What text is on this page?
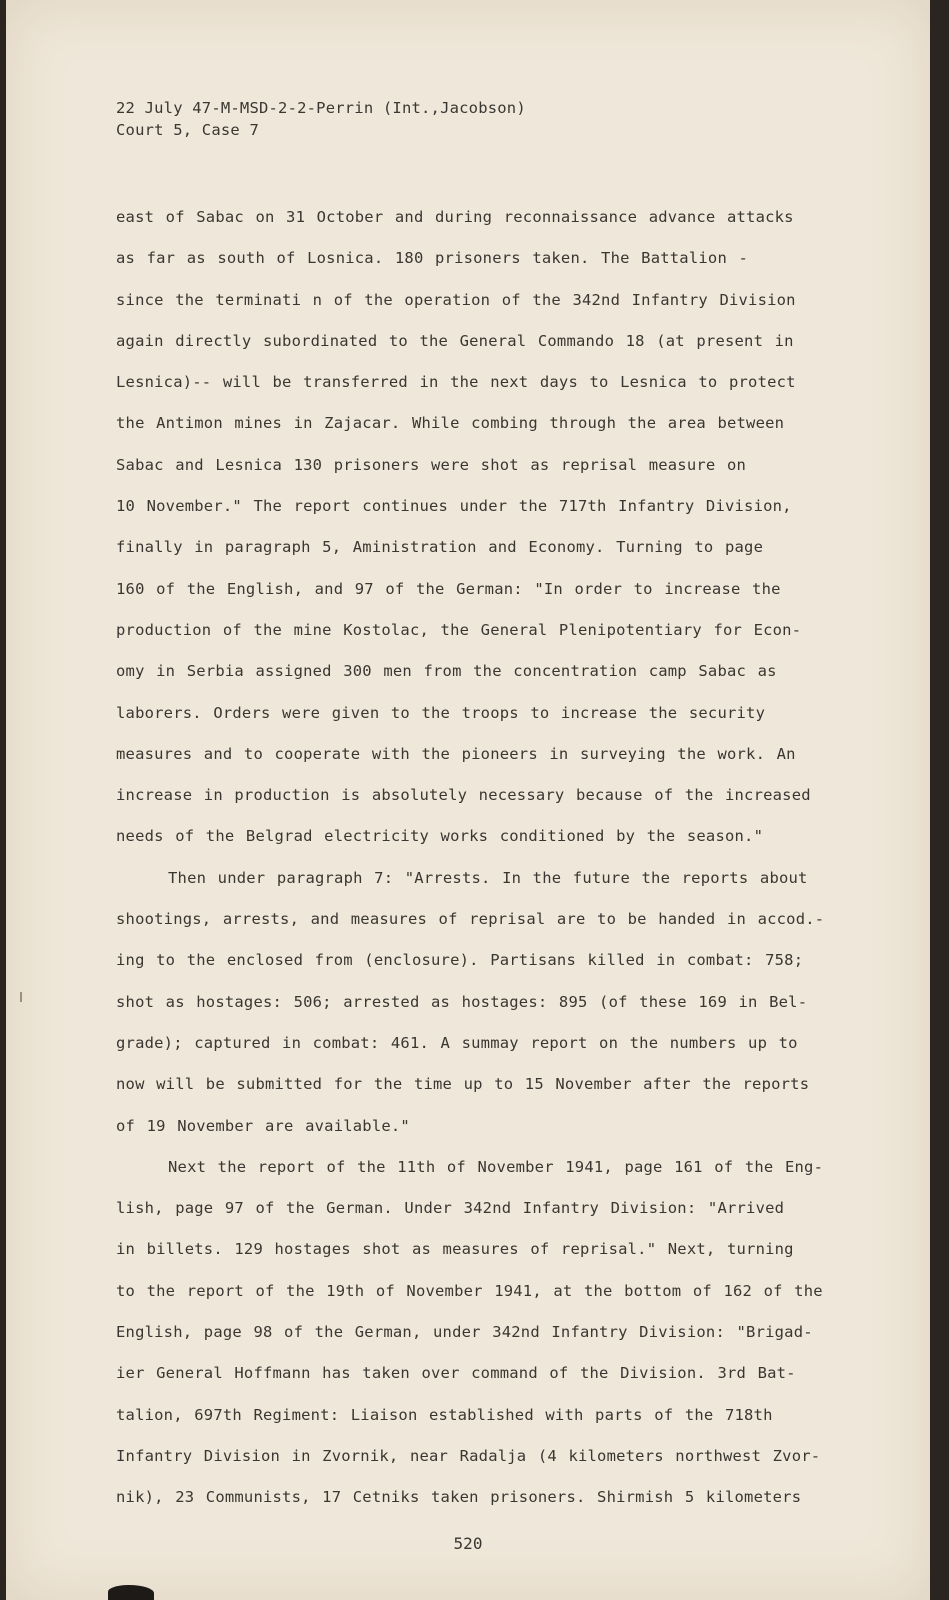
22 July 47-M-MSD-2-2-Perrin (Int.,Jacobson)
Court 5, Case 7
east of Sabac on 31 October and during reconnaissance advance attacks
as far as south of Losnica. 180 prisoners taken. The Battalion -
since the terminati n of the operation of the 342nd Infantry Division
again directly subordinated to the General Commando 18 (at present in
Lesnica)-- will be transferred in the next days to Lesnica to protect
the Antimon mines in Zajacar. While combing through the area between
Sabac and Lesnica 130 prisoners were shot as reprisal measure on
10 November." The report continues under the 717th Infantry Division,
finally in paragraph 5, Aministration and Economy. Turning to page
160 of the English, and 97 of the German: "In order to increase the
production of the mine Kostolac, the General Plenipotentiary for Econ-
omy in Serbia assigned 300 men from the concentration camp Sabac as
laborers. Orders were given to the troops to increase the security
measures and to cooperate with the pioneers in surveying the work. An
increase in production is absolutely necessary because of the increased
needs of the Belgrad electricity works conditioned by the season."
Then under paragraph 7: "Arrests. In the future the reports about
shootings, arrests, and measures of reprisal are to be handed in accod.-
ing to the enclosed from (enclosure). Partisans killed in combat: 758;
shot as hostages: 506; arrested as hostages: 895 (of these 169 in Bel-
grade); captured in combat: 461. A summay report on the numbers up to
now will be submitted for the time up to 15 November after the reports
of 19 November are available."
Next the report of the 11th of November 1941, page 161 of the Eng-
lish, page 97 of the German. Under 342nd Infantry Division: "Arrived
in billets. 129 hostages shot as measures of reprisal." Next, turning
to the report of the 19th of November 1941, at the bottom of 162 of the
English, page 98 of the German, under 342nd Infantry Division: "Brigad-
ier General Hoffmann has taken over command of the Division. 3rd Bat-
talion, 697th Regiment: Liaison established with parts of the 718th
Infantry Division in Zvornik, near Radalja (4 kilometers northwest Zvor-
nik), 23 Communists, 17 Cetniks taken prisoners. Shirmish 5 kilometers
520
